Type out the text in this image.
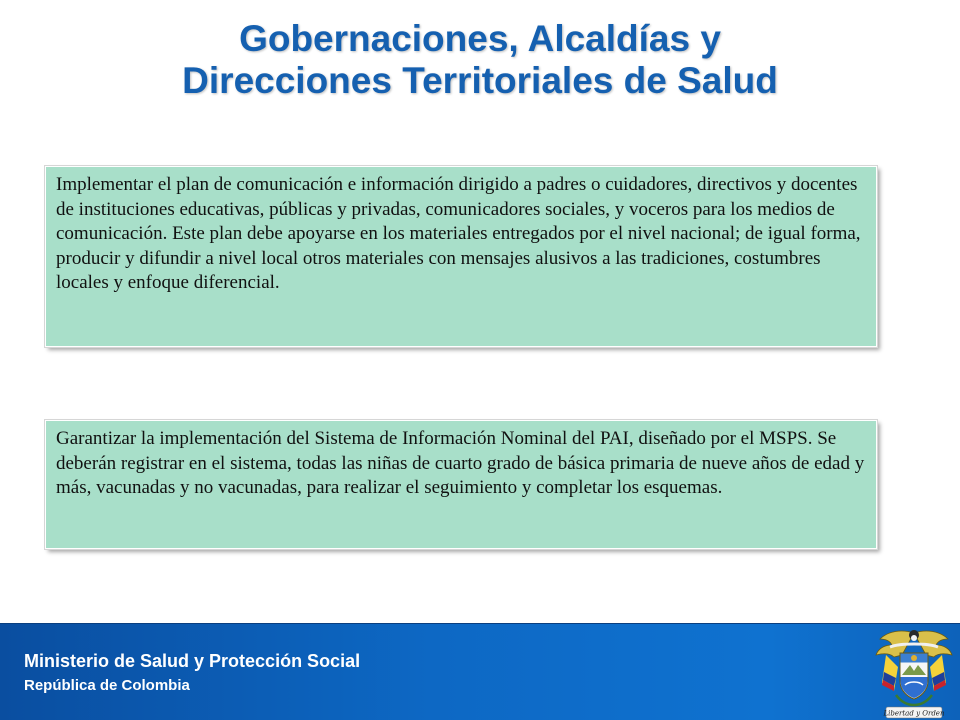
Gobernaciones, Alcaldías y
Direcciones Territoriales de Salud
Implementar el plan de comunicación e información dirigido a padres o cuidadores, directivos y docentes de instituciones educativas, públicas y privadas, comunicadores sociales, y voceros para los medios de comunicación. Este plan debe apoyarse en los materiales entregados por el nivel nacional; de igual forma, producir y difundir a nivel local otros materiales con mensajes alusivos a las tradiciones, costumbres locales y enfoque diferencial.
Garantizar la implementación del Sistema de Información Nominal del PAI, diseñado por el MSPS. Se deberán registrar en el sistema, todas las niñas de cuarto grado de básica primaria de nueve años de edad y más, vacunadas y no vacunadas, para realizar el seguimiento y completar los esquemas.
Ministerio de Salud y Protección Social
República de Colombia
Libertad y Orden
